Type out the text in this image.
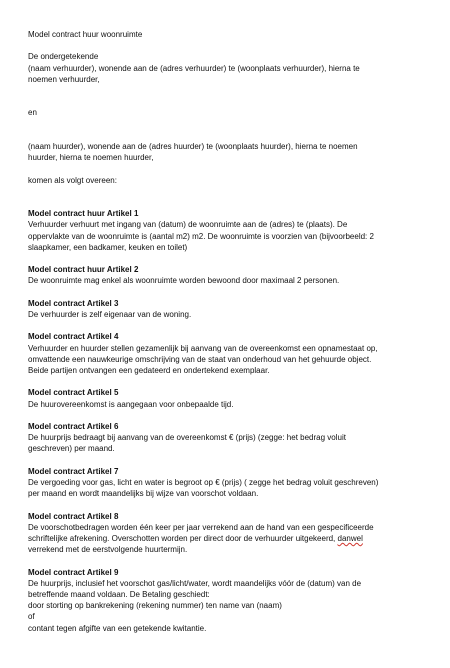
Model contract huur woonruimte
De ondergetekende
(naam verhuurder), wonende aan de (adres verhuurder) te (woonplaats verhuurder), hierna te
noemen verhuurder,
en
(naam huurder), wonende aan de (adres huurder) te (woonplaats huurder), hierna te noemen
huurder, hierna te noemen huurder,
komen als volgt overeen:
Model contract huur Artikel 1
Verhuurder verhuurt met ingang van (datum) de woonruimte aan de (adres) te (plaats). De
oppervlakte van de woonruimte is (aantal m2) m2. De woonruimte is voorzien van (bijvoorbeeld: 2
slaapkamer, een badkamer, keuken en toilet)
Model contract huur Artikel 2
De woonruimte mag enkel als woonruimte worden bewoond door maximaal 2 personen.
Model contract Artikel 3
De verhuurder is zelf eigenaar van de woning.
Model contract Artikel 4
Verhuurder en huurder stellen gezamenlijk bij aanvang van de overeenkomst een opnamestaat op,
omvattende een nauwkeurige omschrijving van de staat van onderhoud van het gehuurde object.
Beide partijen ontvangen een gedateerd en ondertekend exemplaar.
Model contract Artikel 5
De huurovereenkomst is aangegaan voor onbepaalde tijd.
Model contract Artikel 6
De huurprijs bedraagt bij aanvang van de overeenkomst € (prijs) (zegge: het bedrag voluit
geschreven) per maand.
Model contract Artikel 7
De vergoeding voor gas, licht en water is begroot op € (prijs) ( zegge het bedrag voluit geschreven)
per maand en wordt maandelijks bij wijze van voorschot voldaan.
Model contract Artikel 8
De voorschotbedragen worden één keer per jaar verrekend aan de hand van een gespecificeerde
schriftelijke afrekening. Overschotten worden per direct door de verhuurder uitgekeerd, danwel
verrekend met de eerstvolgende huurtermijn.
Model contract Artikel 9
De huurprijs, inclusief het voorschot gas/licht/water, wordt maandelijks vóór de (datum) van de
betreffende maand voldaan. De Betaling geschiedt:
door storting op bankrekening (rekening nummer) ten name van (naam)
of
contant tegen afgifte van een getekende kwitantie.
